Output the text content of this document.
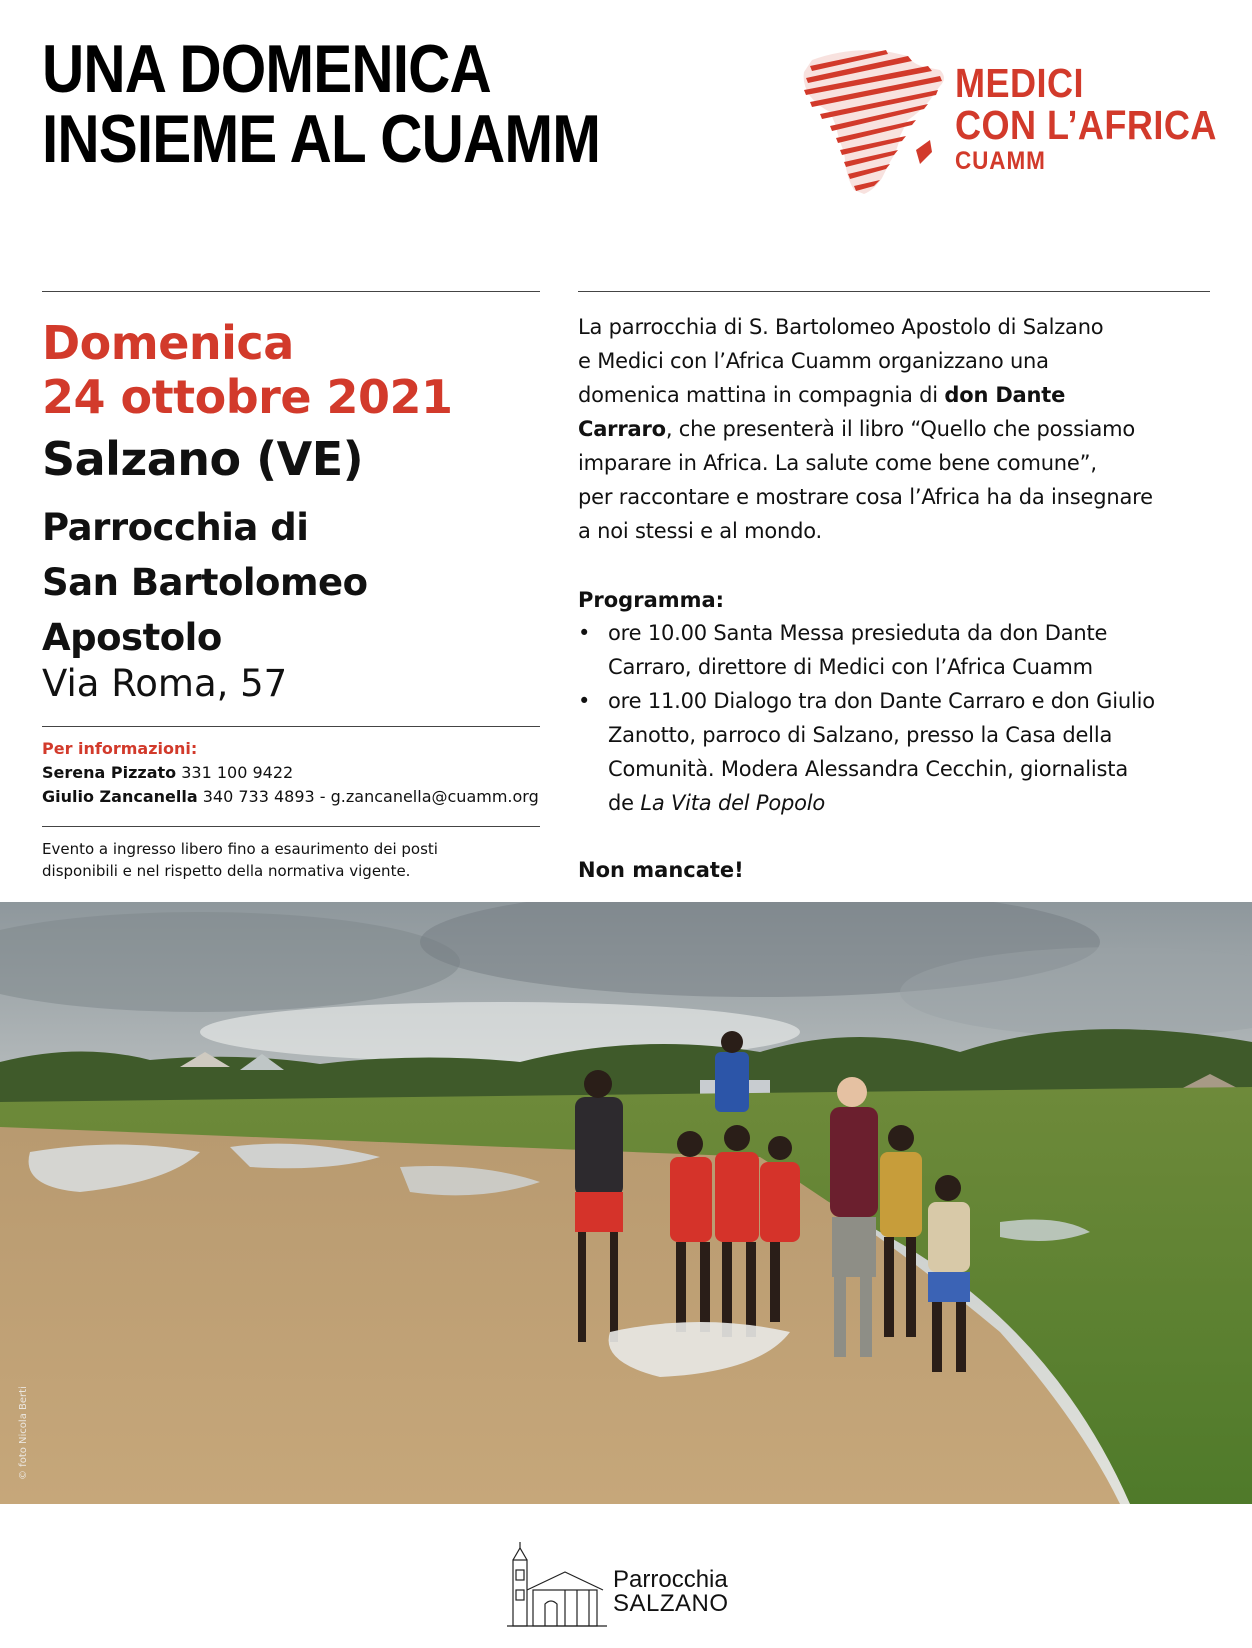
UNA DOMENICA
INSIEME AL CUAMM
MEDICI
CON L’AFRICA
CUAMM
Domenica
24 ottobre 2021
Salzano (VE)
Parrocchia di
San Bartolomeo
Apostolo
Via Roma, 57
Per informazioni:
Serena Pizzato 331 100 9422
Giulio Zancanella 340 733 4893 - g.zancanella@cuamm.org
Evento a ingresso libero fino a esaurimento dei posti
disponibili e nel rispetto della normativa vigente.
La parrocchia di S. Bartolomeo Apostolo di Salzano
e Medici con l’Africa Cuamm organizzano una
domenica mattina in compagnia di don Dante
Carraro, che presenterà il libro “Quello che possiamo
imparare in Africa. La salute come bene comune”,
per raccontare e mostrare cosa l’Africa ha da insegnare
a noi stessi e al mondo.
Programma:
• ore 10.00 Santa Messa presieduta da don Dante
Carraro, direttore di Medici con l’Africa Cuamm
• ore 11.00 Dialogo tra don Dante Carraro e don Giulio
Zanotto, parroco di Salzano, presso la Casa della
Comunità. Modera Alessandra Cecchin, giornalista
de La Vita del Popolo
Non mancate!
© foto Nicola Berti
Parrocchia
SALZANO
